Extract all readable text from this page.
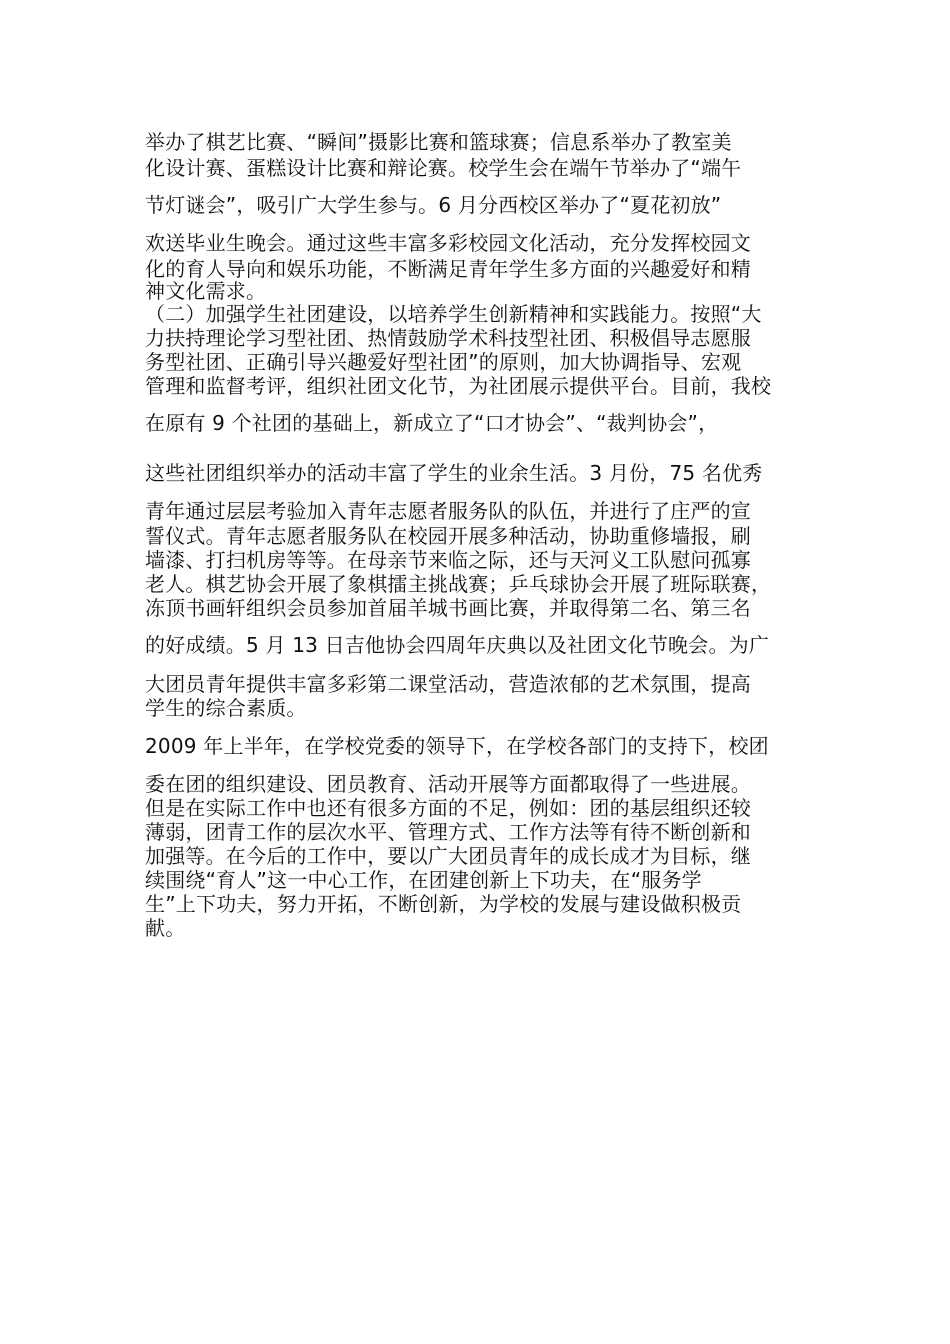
举办了棋艺比赛、“瞬间”摄影比赛和篮球赛；信息系举办了教室美
化设计赛、蛋糕设计比赛和辩论赛。校学生会在端午节举办了“端午
节灯谜会”，吸引广大学生参与。6 月分西校区举办了“夏花初放”
欢送毕业生晚会。通过这些丰富多彩校园文化活动，充分发挥校园文
化的育人导向和娱乐功能，不断满足青年学生多方面的兴趣爱好和精
神文化需求。
（二）加强学生社团建设，以培养学生创新精神和实践能力。按照“大
力扶持理论学习型社团、热情鼓励学术科技型社团、积极倡导志愿服
务型社团、正确引导兴趣爱好型社团”的原则，加大协调指导、宏观
管理和监督考评，组织社团文化节，为社团展示提供平台。目前，我校
在原有 9 个社团的基础上，新成立了“口才协会”、“裁判协会”，
这些社团组织举办的活动丰富了学生的业余生活。3 月份，75 名优秀
青年通过层层考验加入青年志愿者服务队的队伍，并进行了庄严的宣
誓仪式。青年志愿者服务队在校园开展多种活动，协助重修墙报，刷
墙漆、打扫机房等等。在母亲节来临之际，还与天河义工队慰问孤寡
老人。棋艺协会开展了象棋擂主挑战赛；乒乓球协会开展了班际联赛，
冻顶书画轩组织会员参加首届羊城书画比赛，并取得第二名、第三名
的好成绩。5 月 13 日吉他协会四周年庆典以及社团文化节晚会。为广
大团员青年提供丰富多彩第二课堂活动，营造浓郁的艺术氛围，提高
学生的综合素质。
2009 年上半年，在学校党委的领导下，在学校各部门的支持下，校团
委在团的组织建设、团员教育、活动开展等方面都取得了一些进展。
但是在实际工作中也还有很多方面的不足，例如：团的基层组织还较
薄弱，团青工作的层次水平、管理方式、工作方法等有待不断创新和
加强等。在今后的工作中，要以广大团员青年的成长成才为目标，继
续围绕“育人”这一中心工作，在团建创新上下功夫，在“服务学
生”上下功夫，努力开拓，不断创新，为学校的发展与建设做积极贡
献。
